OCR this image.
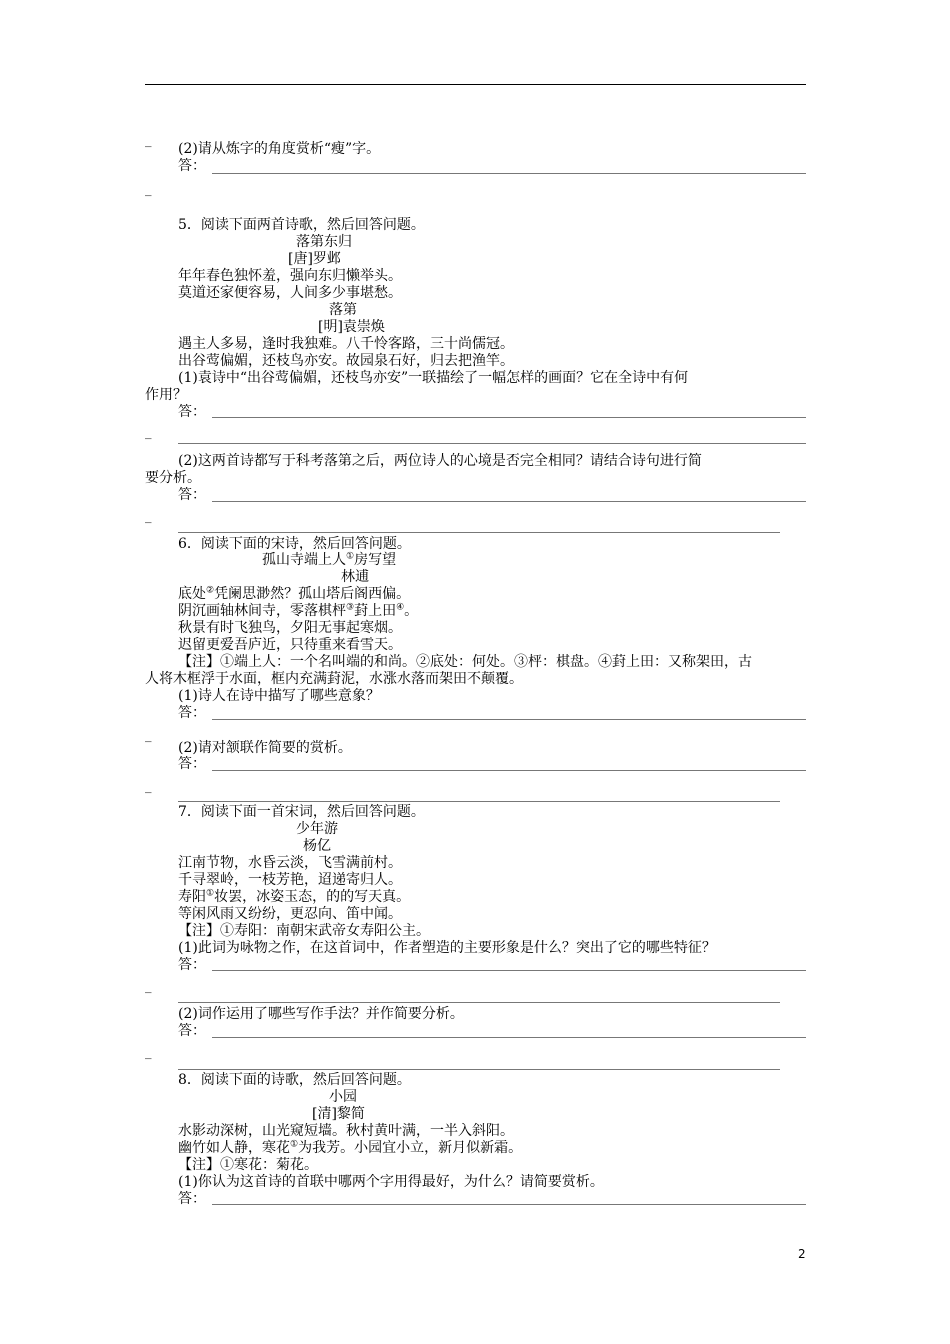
_
(2)请从炼字的角度赏析“瘦”字。
答：
_
5．阅读下面两首诗歌，然后回答问题。
落第东归
[唐]罗邺
年年春色独怀羞，强向东归懒举头。
莫道还家便容易，人间多少事堪愁。
落第
[明]袁崇焕
遇主人多易，逢时我独难。八千怜客路，三十尚儒冠。
出谷莺偏媚，还枝鸟亦安。故园泉石好，归去把渔竿。
(1)袁诗中“出谷莺偏媚，还枝鸟亦安”一联描绘了一幅怎样的画面？它在全诗中有何
作用？
答：
_
(2)这两首诗都写于科考落第之后，两位诗人的心境是否完全相同？请结合诗句进行简
要分析。
答：
_
6．阅读下面的宋诗，然后回答问题。
孤山寺端上人①房写望
林逋
底处②凭阑思渺然？孤山塔后阁西偏。
阴沉画轴林间寺，零落棋枰③葑上田④。
秋景有时飞独鸟，夕阳无事起寒烟。
迟留更爱吾庐近，只待重来看雪天。
【注】①端上人：一个名叫端的和尚。②底处：何处。③枰：棋盘。④葑上田：又称架田，古
人将木框浮于水面，框内充满葑泥，水涨水落而架田不颠覆。
(1)诗人在诗中描写了哪些意象？
答：
_
(2)请对颔联作简要的赏析。
答：
_
7．阅读下面一首宋词，然后回答问题。
少年游
杨亿
江南节物，水昏云淡，飞雪满前村。
千寻翠岭，一枝芳艳，迢递寄归人。
寿阳①妆罢，冰姿玉态，的的写天真。
等闲风雨又纷纷，更忍向、笛中闻。
【注】①寿阳：南朝宋武帝女寿阳公主。
(1)此词为咏物之作，在这首词中，作者塑造的主要形象是什么？突出了它的哪些特征？
答：
_
(2)词作运用了哪些写作手法？并作简要分析。
答：
_
8．阅读下面的诗歌，然后回答问题。
小园
[清]黎简
水影动深树，山光窥短墙。秋村黄叶满，一半入斜阳。
幽竹如人静，寒花①为我芳。小园宜小立，新月似新霜。
【注】①寒花：菊花。
(1)你认为这首诗的首联中哪两个字用得最好，为什么？请简要赏析。
答：
2
